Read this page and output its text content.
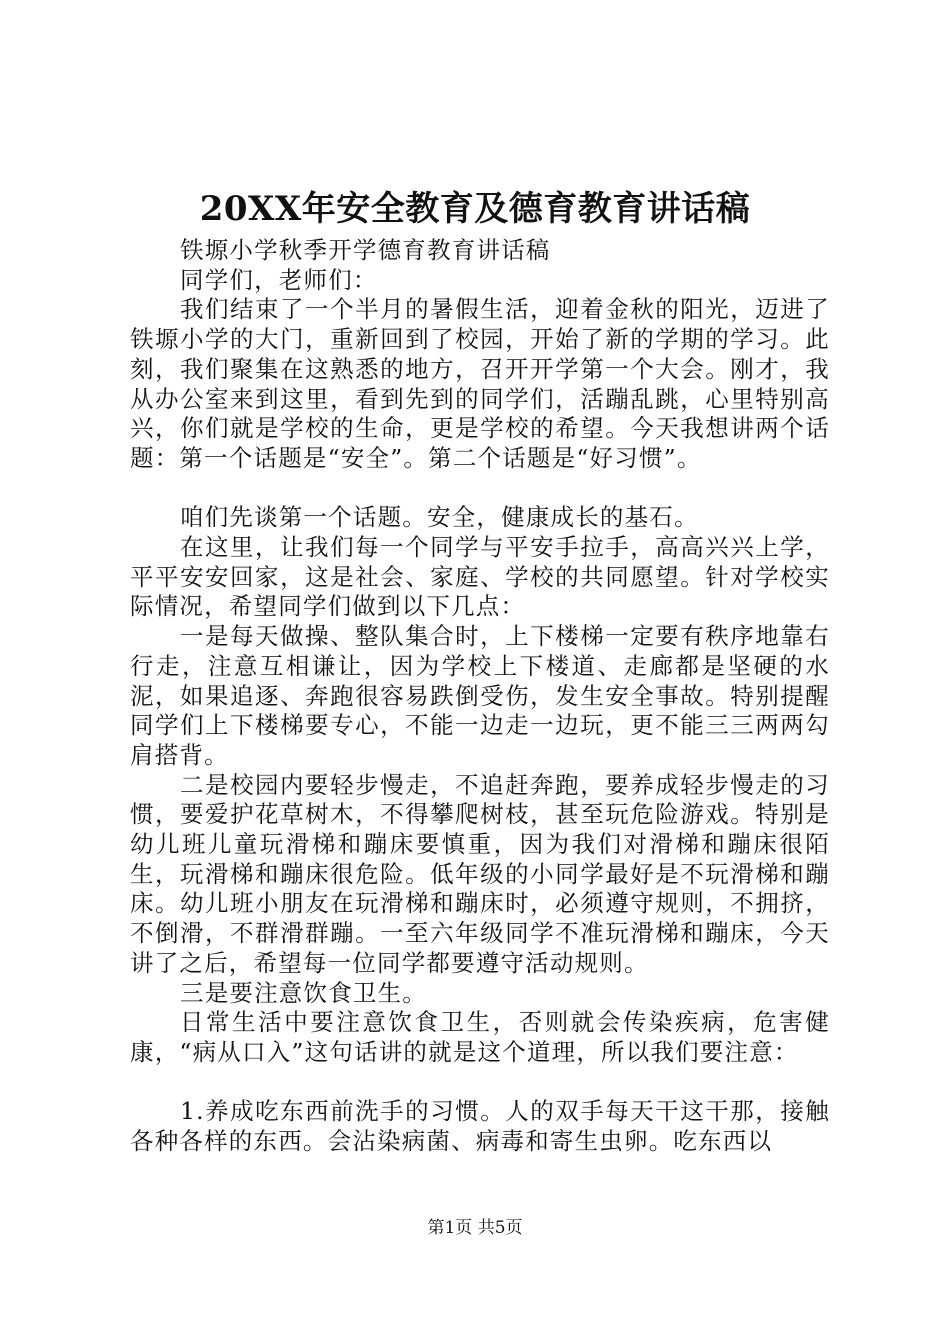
20XX年安全教育及德育教育讲话稿

铁塬小学秋季开学德育教育讲话稿

同学们，老师们：

我们结束了一个半月的暑假生活，迎着金秋的阳光，迈进了铁塬小学的大门，重新回到了校园，开始了新的学期的学习。此刻，我们聚集在这熟悉的地方，召开开学第一个大会。刚才，我从办公室来到这里，看到先到的同学们，活蹦乱跳，心里特别高兴，你们就是学校的生命，更是学校的希望。今天我想讲两个话题：第一个话题是“安全”。第二个话题是“好习惯”。

咱们先谈第一个话题。安全，健康成长的基石。

在这里，让我们每一个同学与平安手拉手，高高兴兴上学，平平安安回家，这是社会、家庭、学校的共同愿望。针对学校实际情况，希望同学们做到以下几点：

一是每天做操、整队集合时，上下楼梯一定要有秩序地靠右行走，注意互相谦让，因为学校上下楼道、走廊都是坚硬的水泥，如果追逐、奔跑很容易跌倒受伤，发生安全事故。特别提醒同学们上下楼梯要专心，不能一边走一边玩，更不能三三两两勾肩搭背。

二是校园内要轻步慢走，不追赶奔跑，要养成轻步慢走的习惯，要爱护花草树木，不得攀爬树枝，甚至玩危险游戏。特别是幼儿班儿童玩滑梯和蹦床要慎重，因为我们对滑梯和蹦床很陌生，玩滑梯和蹦床很危险。低年级的小同学最好是不玩滑梯和蹦床。幼儿班小朋友在玩滑梯和蹦床时，必须遵守规则，不拥挤，不倒滑，不群滑群蹦。一至六年级同学不准玩滑梯和蹦床，今天讲了之后，希望每一位同学都要遵守活动规则。

三是要注意饮食卫生。

日常生活中要注意饮食卫生，否则就会传染疾病，危害健康，“病从口入”这句话讲的就是这个道理，所以我们要注意：

1.养成吃东西前洗手的习惯。人的双手每天干这干那，接触各种各样的东西。会沾染病菌、病毒和寄生虫卵。吃东西以

第1页 共5页
